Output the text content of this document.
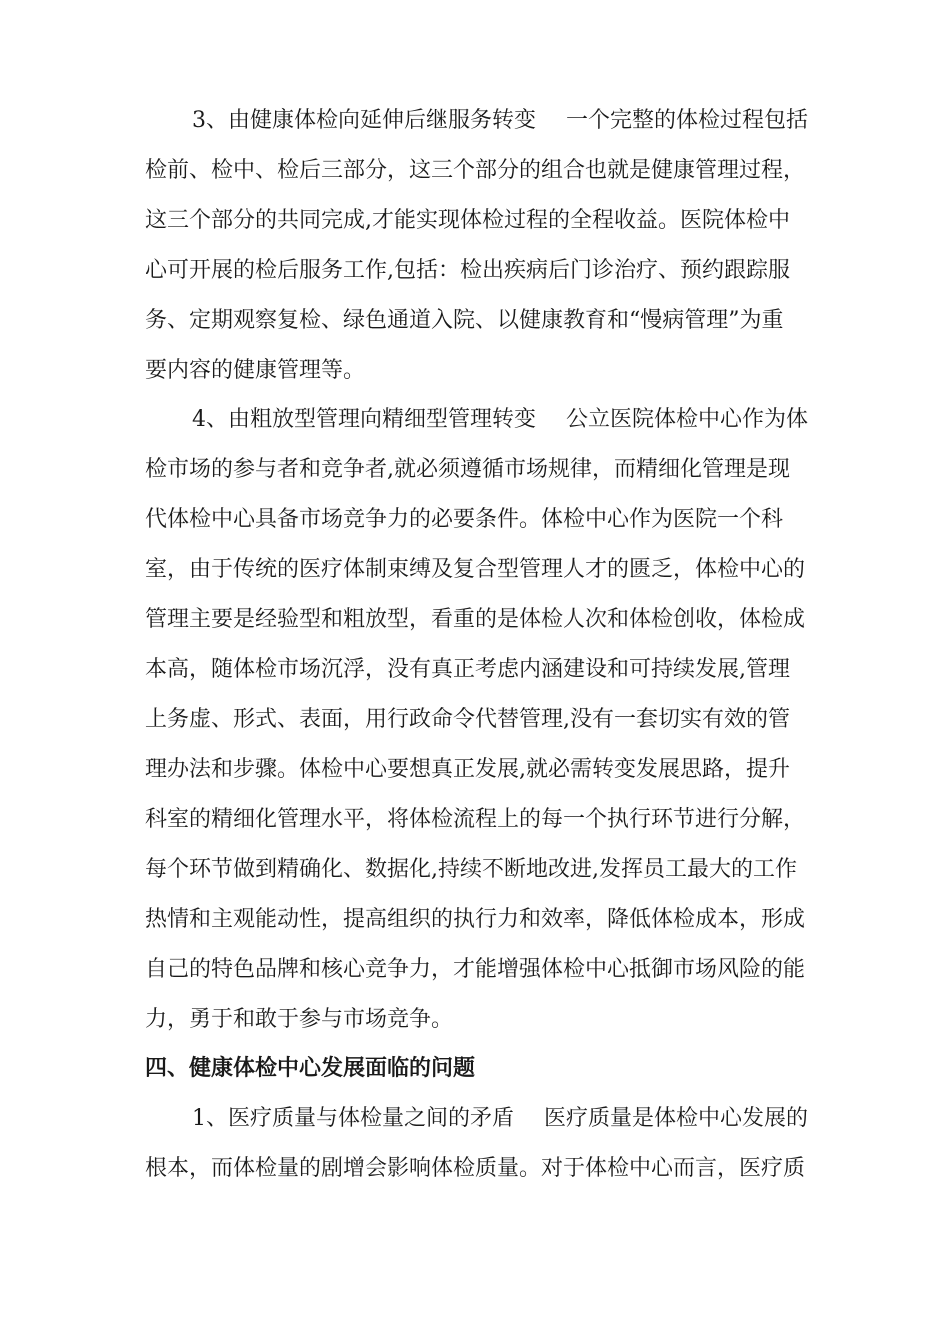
3、由健康体检向延伸后继服务转变 一个完整的体检过程包括
检前、检中、检后三部分，这三个部分的组合也就是健康管理过程，
这三个部分的共同完成,才能实现体检过程的全程收益。医院体检中
心可开展的检后服务工作,包括：检出疾病后门诊治疗、预约跟踪服
务、定期观察复检、绿色通道入院、以健康教育和“慢病管理”为重
要内容的健康管理等。
4、由粗放型管理向精细型管理转变 公立医院体检中心作为体
检市场的参与者和竞争者,就必须遵循市场规律，而精细化管理是现
代体检中心具备市场竞争力的必要条件。体检中心作为医院一个科
室，由于传统的医疗体制束缚及复合型管理人才的匮乏，体检中心的
管理主要是经验型和粗放型，看重的是体检人次和体检创收，体检成
本高，随体检市场沉浮，没有真正考虑内涵建设和可持续发展,管理
上务虚、形式、表面，用行政命令代替管理,没有一套切实有效的管
理办法和步骤。体检中心要想真正发展,就必需转变发展思路，提升
科室的精细化管理水平，将体检流程上的每一个执行环节进行分解，
每个环节做到精确化、数据化,持续不断地改进,发挥员工最大的工作
热情和主观能动性，提高组织的执行力和效率，降低体检成本，形成
自己的特色品牌和核心竞争力，才能增强体检中心抵御市场风险的能
力，勇于和敢于参与市场竞争。
四、健康体检中心发展面临的问题
1、医疗质量与体检量之间的矛盾 医疗质量是体检中心发展的
根本，而体检量的剧增会影响体检质量。对于体检中心而言，医疗质
